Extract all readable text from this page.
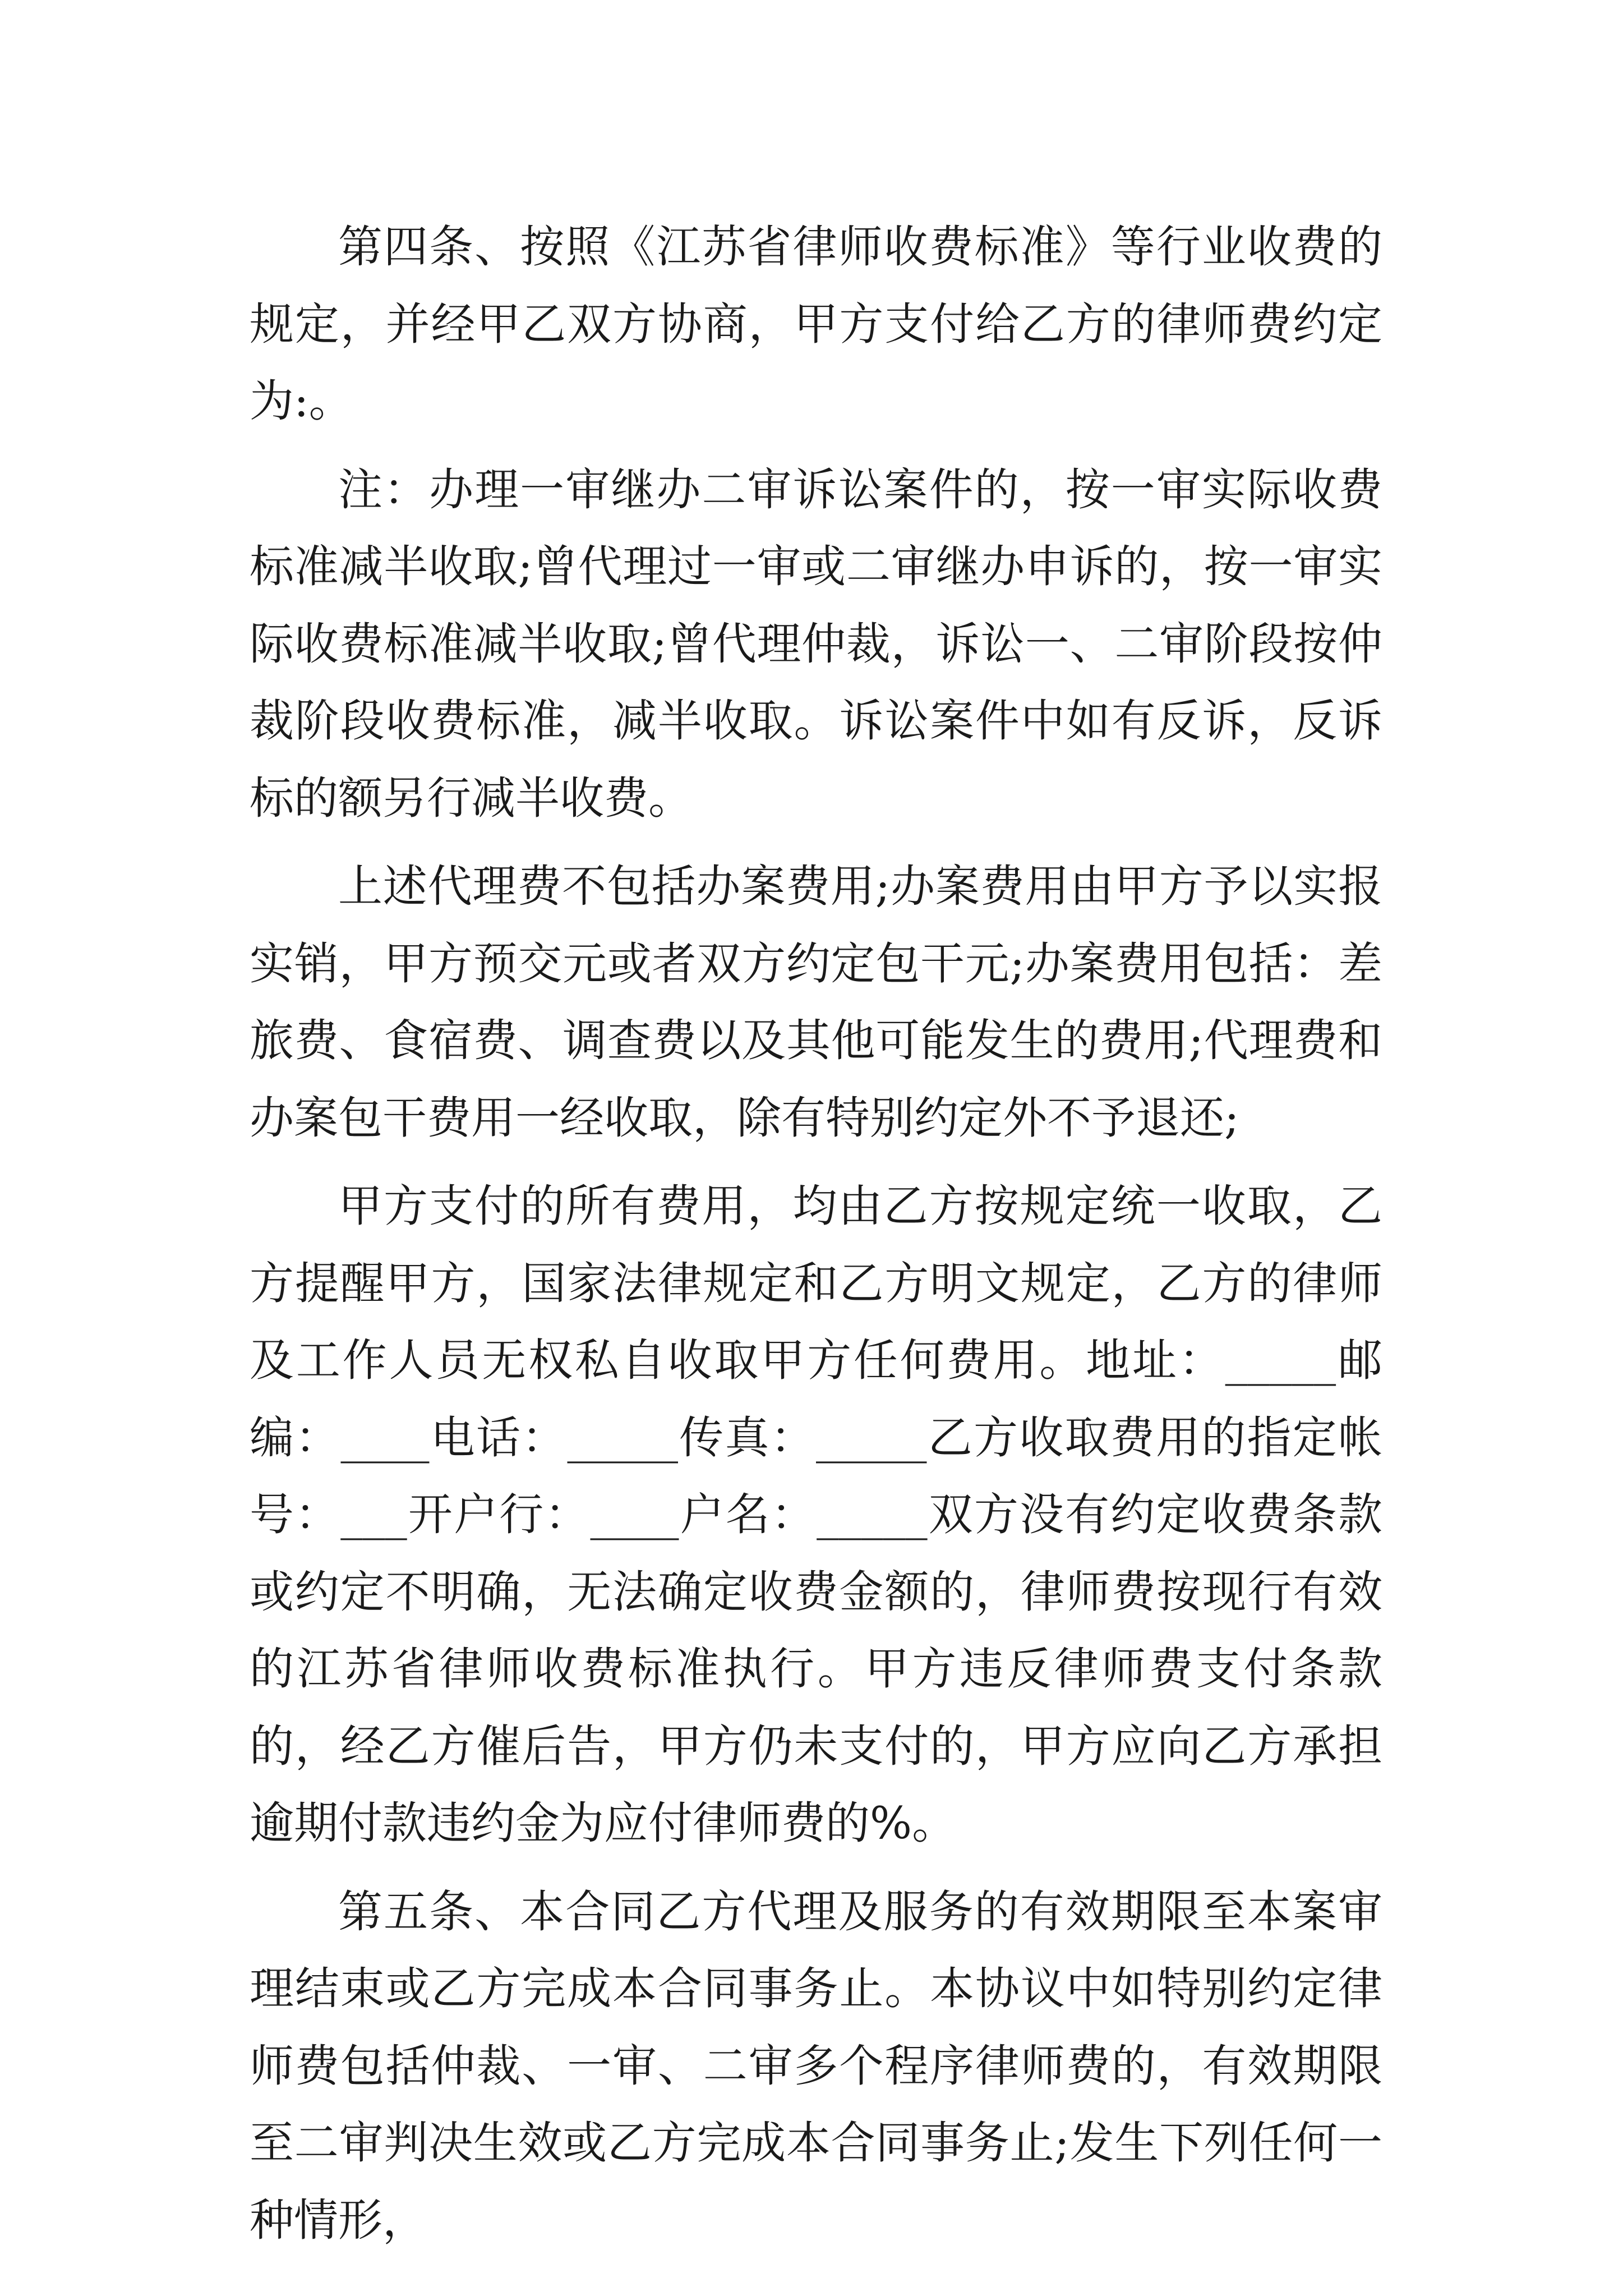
第四条、按照《江苏省律师收费标准》等行业收费的规定，并经甲乙双方协商，甲方支付给乙方的律师费约定为:。

注：办理一审继办二审诉讼案件的，按一审实际收费标准减半收取;曾代理过一审或二审继办申诉的，按一审实际收费标准减半收取;曾代理仲裁，诉讼一、二审阶段按仲裁阶段收费标准，减半收取。诉讼案件中如有反诉，反诉标的额另行减半收费。

上述代理费不包括办案费用;办案费用由甲方予以实报实销，甲方预交元或者双方约定包干元;办案费用包括：差旅费、食宿费、调查费以及其他可能发生的费用;代理费和办案包干费用一经收取，除有特别约定外不予退还;

甲方支付的所有费用，均由乙方按规定统一收取，乙方提醒甲方，国家法律规定和乙方明文规定，乙方的律师及工作人员无权私自收取甲方任何费用。地址：_____邮编：____电话：_____传真：_____乙方收取费用的指定帐号：___开户行：____户名：_____双方没有约定收费条款或约定不明确，无法确定收费金额的，律师费按现行有效的江苏省律师收费标准执行。甲方违反律师费支付条款的，经乙方催后告，甲方仍未支付的，甲方应向乙方承担逾期付款违约金为应付律师费的%。

第五条、本合同乙方代理及服务的有效期限至本案审理结束或乙方完成本合同事务止。本协议中如特别约定律师费包括仲裁、一审、二审多个程序律师费的，有效期限至二审判决生效或乙方完成本合同事务止;发生下列任何一种情形，
